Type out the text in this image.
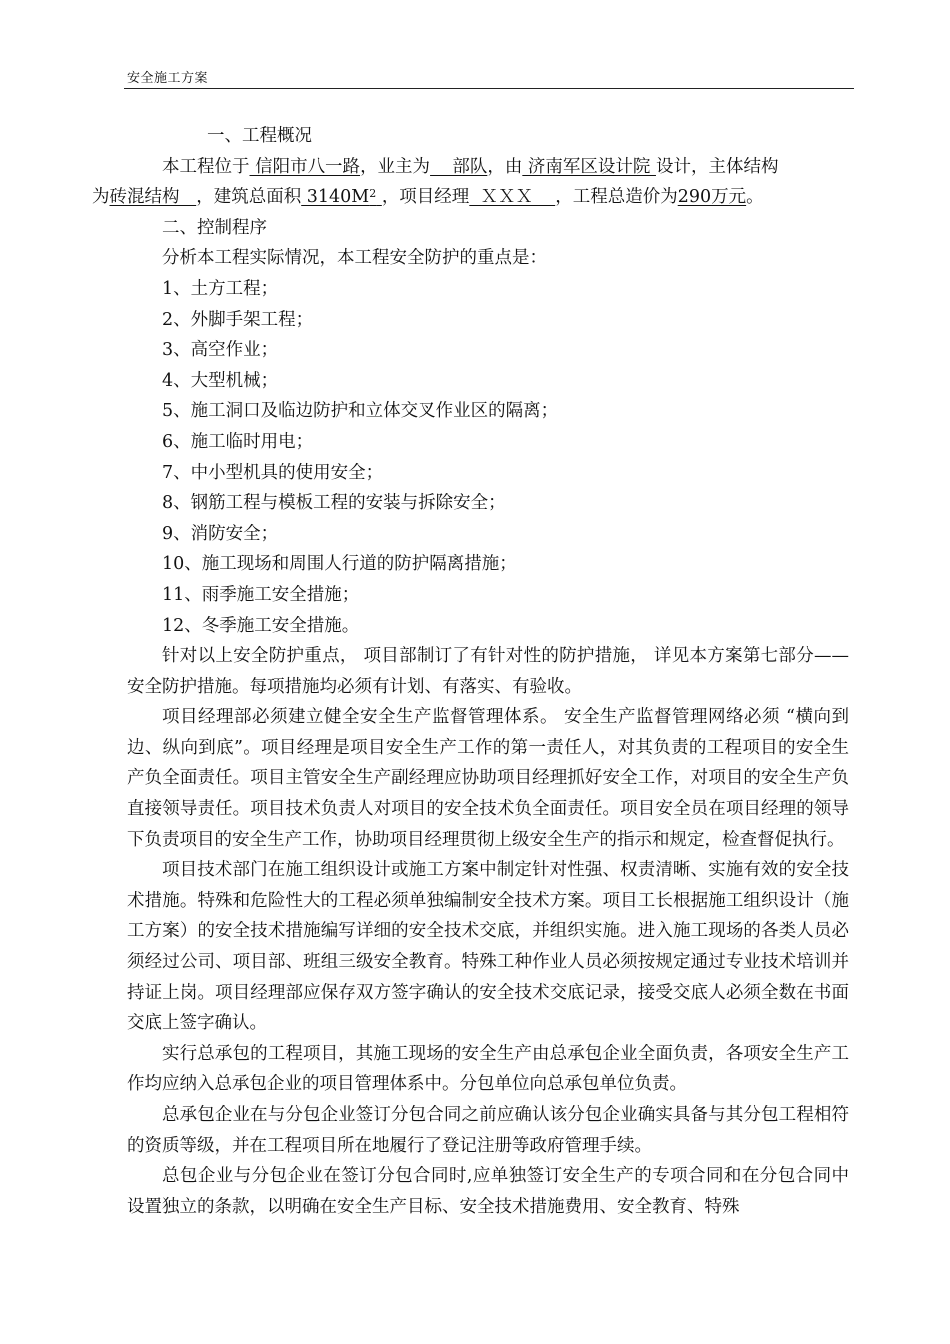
安全施工方案

一、工程概况

本工程位于 信阳市八一路，业主为    部队，由 济南军区设计院 设计，主体结构
为砖混结构   ，建筑总面积 $3140M^2$ ，项目经理  ＸＸＸ    ，工程总造价为290万元。

二、控制程序

分析本工程实际情况，本工程安全防护的重点是：

1、土方工程；

2、外脚手架工程；

3、高空作业；

4、大型机械；

5、施工洞口及临边防护和立体交叉作业区的隔离；

6、施工临时用电；

7、中小型机具的使用安全；

8、钢筋工程与模板工程的安装与拆除安全；

9、消防安全；

10、施工现场和周围人行道的防护隔离措施；

11、雨季施工安全措施；

12、冬季施工安全措施。

针对以上安全防护重点， 项目部制订了有针对性的防护措施， 详见本方案第七部分——安全防护措施。每项措施均必须有计划、有落实、有验收。

项目经理部必须建立健全安全生产监督管理体系。 安全生产监督管理网络必须 “横向到边、纵向到底”。项目经理是项目安全生产工作的第一责任人，对其负责的工程项目的安全生产负全面责任。项目主管安全生产副经理应协助项目经理抓好安全工作，对项目的安全生产负直接领导责任。项目技术负责人对项目的安全技术负全面责任。项目安全员在项目经理的领导下负责项目的安全生产工作，协助项目经理贯彻上级安全生产的指示和规定，检查督促执行。

项目技术部门在施工组织设计或施工方案中制定针对性强、权责清晰、实施有效的安全技术措施。特殊和危险性大的工程必须单独编制安全技术方案。项目工长根据施工组织设计（施工方案）的安全技术措施编写详细的安全技术交底，并组织实施。进入施工现场的各类人员必须经过公司、项目部、班组三级安全教育。特殊工种作业人员必须按规定通过专业技术培训并持证上岗。项目经理部应保存双方签字确认的安全技术交底记录，接受交底人必须全数在书面交底上签字确认。

实行总承包的工程项目，其施工现场的安全生产由总承包企业全面负责，各项安全生产工作均应纳入总承包企业的项目管理体系中。分包单位向总承包单位负责。

总承包企业在与分包企业签订分包合同之前应确认该分包企业确实具备与其分包工程相符的资质等级，并在工程项目所在地履行了登记注册等政府管理手续。

总包企业与分包企业在签订分包合同时,应单独签订安全生产的专项合同和在分包合同中设置独立的条款，以明确在安全生产目标、安全技术措施费用、安全教育、特殊
